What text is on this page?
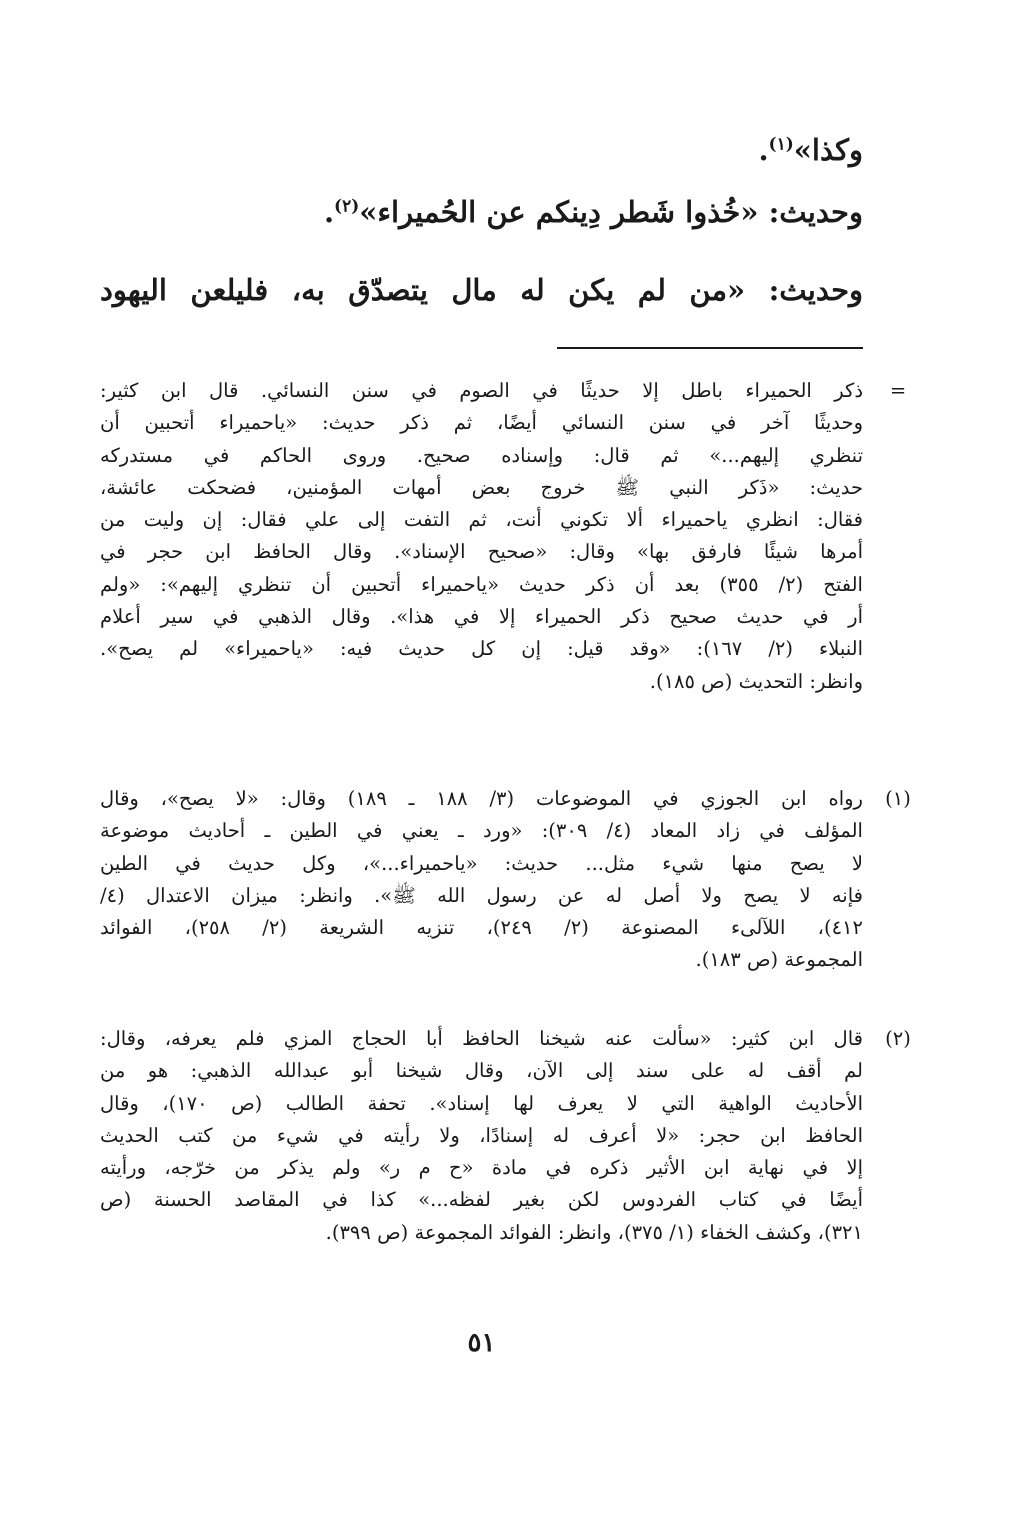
وكذا»$^{(١)}$.
وحديث: «خُذوا شَطر دِينكم عن الحُميراء»$^{(٢)}$.
وحديث: «من لم يكن له مال يتصدّق به، فليلعن اليهود
=
ذكر الحميراء باطل إلا حديثًا في الصوم في سنن النسائي. قال ابن كثير:
وحديثًا آخر في سنن النسائي أيضًا، ثم ذكر حديث: «ياحميراء أتحبين أن
تنظري إليهم...» ثم قال: وإسناده صحيح. وروى الحاكم في مستدركه
حديث: «ذَكر النبي ﷺ خروج بعض أمهات المؤمنين، فضحكت عائشة،
فقال: انظري ياحميراء ألا تكوني أنت، ثم التفت إلى علي فقال: إن وليت من
أمرها شيئًا فارفق بها» وقال: «صحيح الإسناد». وقال الحافظ ابن حجر في
الفتح (٢/ ٣٥٥) بعد أن ذكر حديث «ياحميراء أتحبين أن تنظري إليهم»: «ولم
أر في حديث صحيح ذكر الحميراء إلا في هذا». وقال الذهبي في سير أعلام
النبلاء (٢/ ١٦٧): «وقد قيل: إن كل حديث فيه: «ياحميراء» لم يصح».
وانظر: التحديث (ص ١٨٥).
(١)
رواه ابن الجوزي في الموضوعات (٣/ ١٨٨ ـ ١٨٩) وقال: «لا يصح»، وقال
المؤلف في زاد المعاد (٤/ ٣٠٩): «ورد ـ يعني في الطين ـ أحاديث موضوعة
لا يصح منها شيء مثل... حديث: «ياحميراء...»، وكل حديث في الطين
فإنه لا يصح ولا أصل له عن رسول الله ﷺ». وانظر: ميزان الاعتدال (٤/
٤١٢)، اللآلىء المصنوعة (٢/ ٢٤٩)، تنزيه الشريعة (٢/ ٢٥٨)، الفوائد
المجموعة (ص ١٨٣).
(٢)
قال ابن كثير: «سألت عنه شيخنا الحافظ أبا الحجاج المزي فلم يعرفه، وقال:
لم أقف له على سند إلى الآن، وقال شيخنا أبو عبدالله الذهبي: هو من
الأحاديث الواهية التي لا يعرف لها إسناد». تحفة الطالب (ص ١٧٠)، وقال
الحافظ ابن حجر: «لا أعرف له إسنادًا، ولا رأيته في شيء من كتب الحديث
إلا في نهاية ابن الأثير ذكره في مادة «ح م ر» ولم يذكر من خرّجه، ورأيته
أيضًا في كتاب الفردوس لكن بغير لفظه...» كذا في المقاصد الحسنة (ص
٣٢١)، وكشف الخفاء (١/ ٣٧٥)، وانظر: الفوائد المجموعة (ص ٣٩٩).
٥١
